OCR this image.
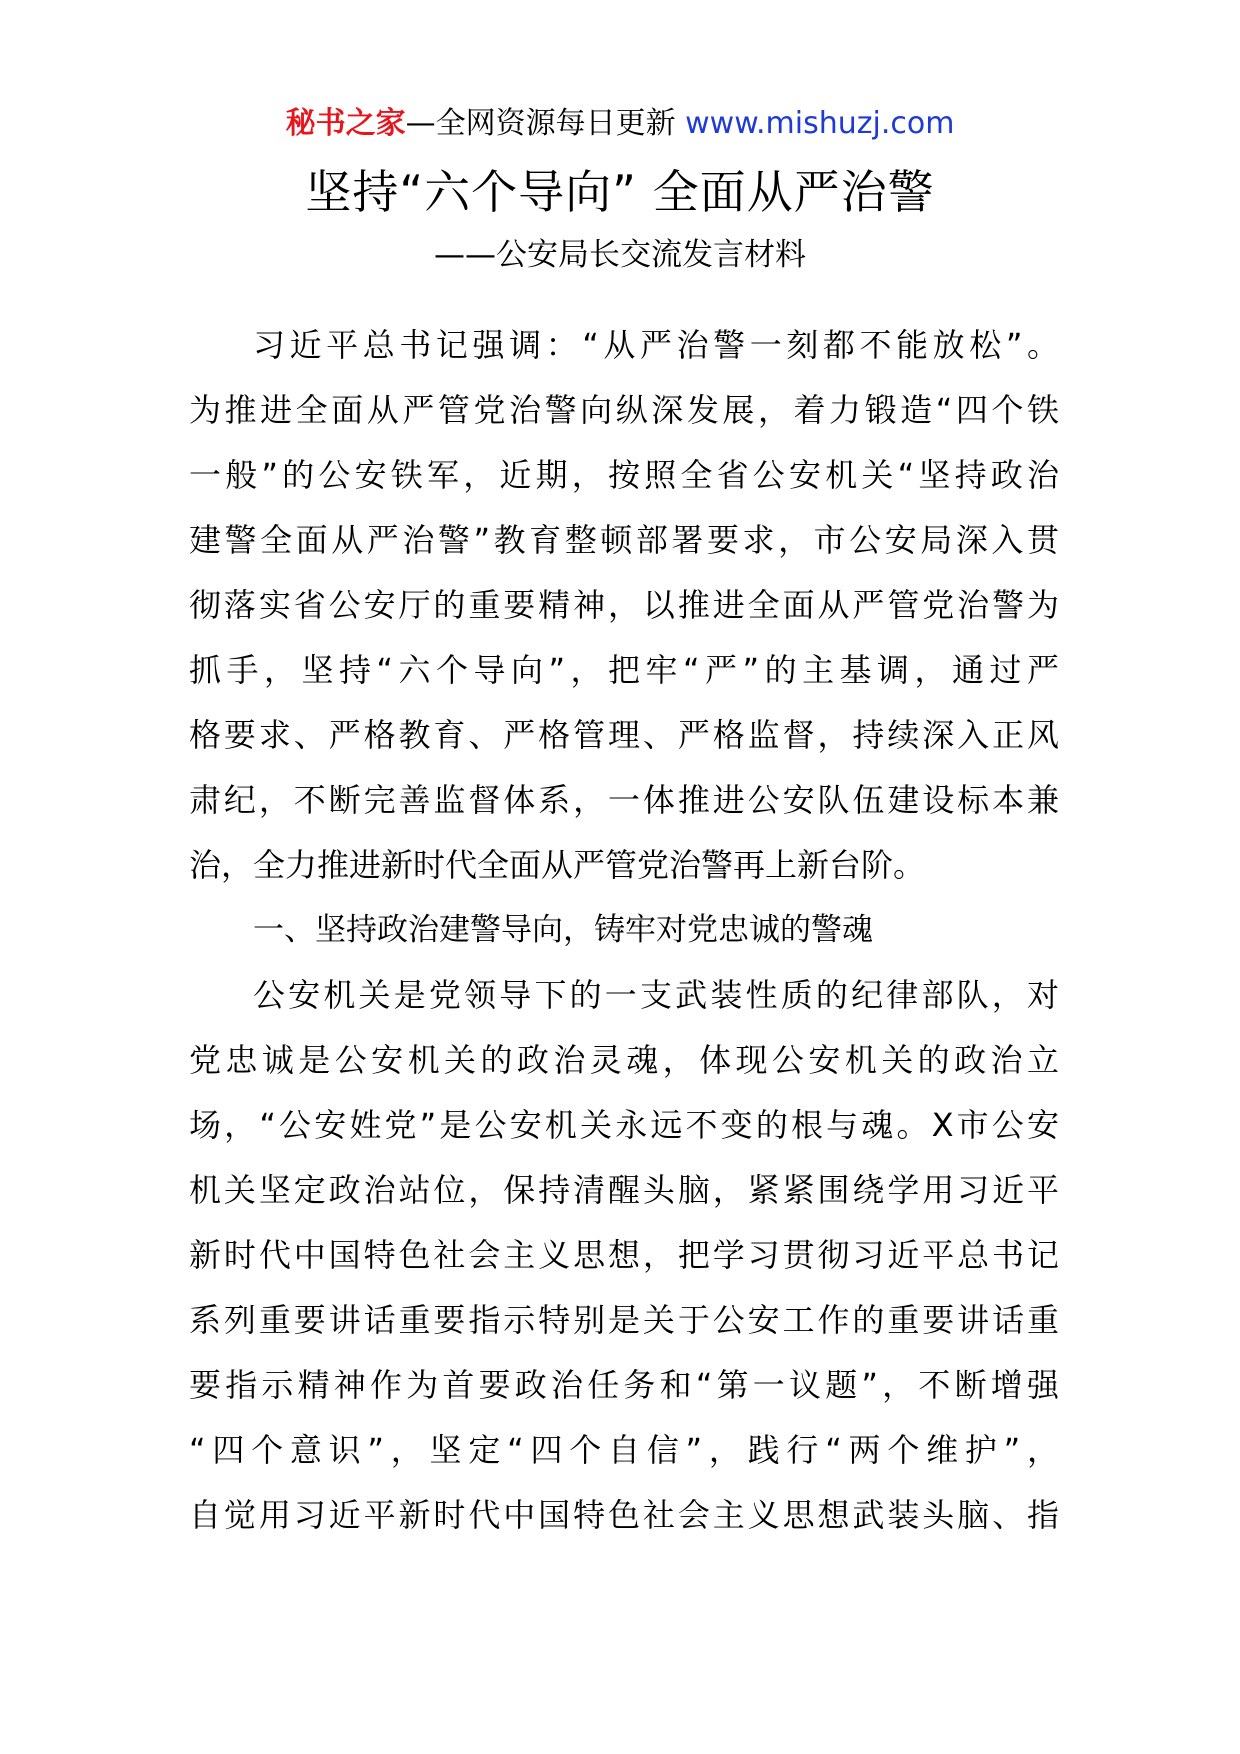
秘书之家—全网资源每日更新 www.mishuzj.com
坚持“六个导向” 全面从严治警
——公安局长交流发言材料
习近平总书记强调：“从严治警一刻都不能放松”。
为推进全面从严管党治警向纵深发展，着力锻造“四个铁
一般”的公安铁军，近期，按照全省公安机关“坚持政治
建警全面从严治警”教育整顿部署要求，市公安局深入贯
彻落实省公安厅的重要精神，以推进全面从严管党治警为
抓手，坚持“六个导向”，把牢“严”的主基调，通过严
格要求、严格教育、严格管理、严格监督，持续深入正风
肃纪，不断完善监督体系，一体推进公安队伍建设标本兼
治，全力推进新时代全面从严管党治警再上新台阶。
一、坚持政治建警导向，铸牢对党忠诚的警魂
公安机关是党领导下的一支武装性质的纪律部队，对
党忠诚是公安机关的政治灵魂，体现公安机关的政治立
场，“公安姓党”是公安机关永远不变的根与魂。X市公安
机关坚定政治站位，保持清醒头脑，紧紧围绕学用习近平
新时代中国特色社会主义思想，把学习贯彻习近平总书记
系列重要讲话重要指示特别是关于公安工作的重要讲话重
要指示精神作为首要政治任务和“第一议题”，不断增强
“四个意识”，坚定“四个自信”，践行“两个维护”，
自觉用习近平新时代中国特色社会主义思想武装头脑、指
